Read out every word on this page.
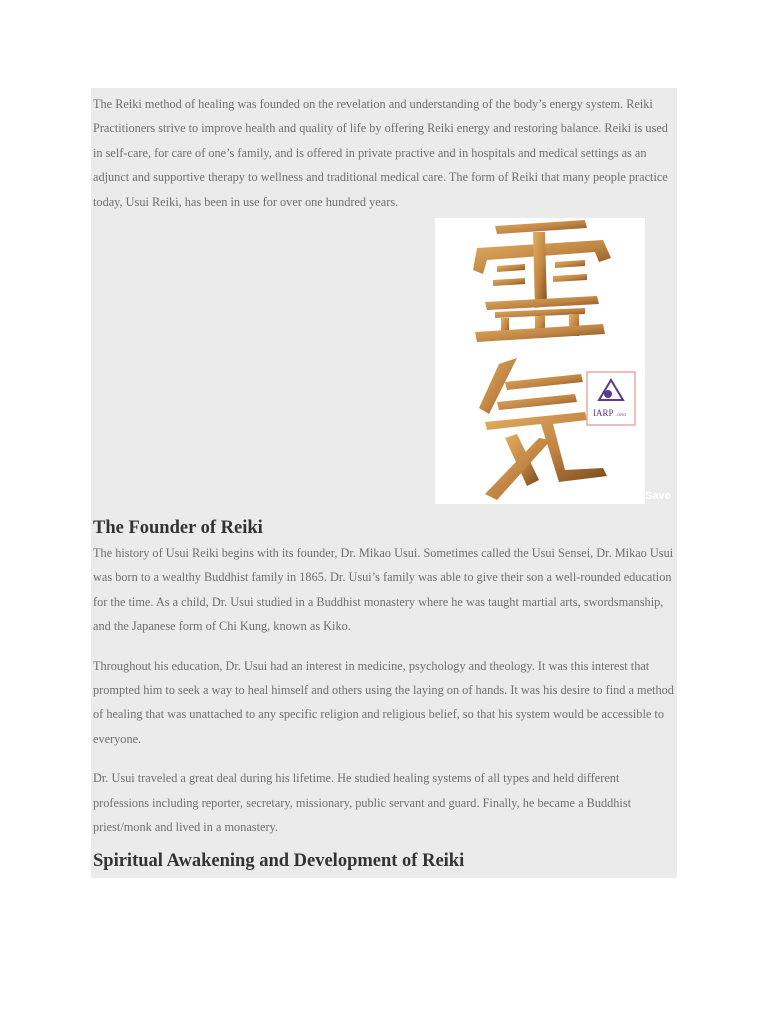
The Reiki method of healing was founded on the revelation and understanding of the body’s energy system. Reiki Practitioners strive to improve health and quality of life by offering Reiki energy and restoring balance. Reiki is used in self-care, for care of one’s family, and is offered in private practive and in hospitals and medical settings as an adjunct and supportive therapy to wellness and traditional medical care. The form of Reiki that many people practice today, Usui Reiki, has been in use for over one hundred years.

IARP .ORG
Save
The Founder of Reiki

The history of Usui Reiki begins with its founder, Dr. Mikao Usui. Sometimes called the Usui Sensei, Dr. Mikao Usui was born to a wealthy Buddhist family in 1865. Dr. Usui’s family was able to give their son a well-rounded education for the time. As a child, Dr. Usui studied in a Buddhist monastery where he was taught martial arts, swordsmanship, and the Japanese form of Chi Kung, known as Kiko.

Throughout his education, Dr. Usui had an interest in medicine, psychology and theology. It was this interest that prompted him to seek a way to heal himself and others using the laying on of hands. It was his desire to find a method of healing that was unattached to any specific religion and religious belief, so that his system would be accessible to everyone.

Dr. Usui traveled a great deal during his lifetime. He studied healing systems of all types and held different professions including reporter, secretary, missionary, public servant and guard. Finally, he became a Buddhist priest/monk and lived in a monastery.

Spiritual Awakening and Development of Reiki
